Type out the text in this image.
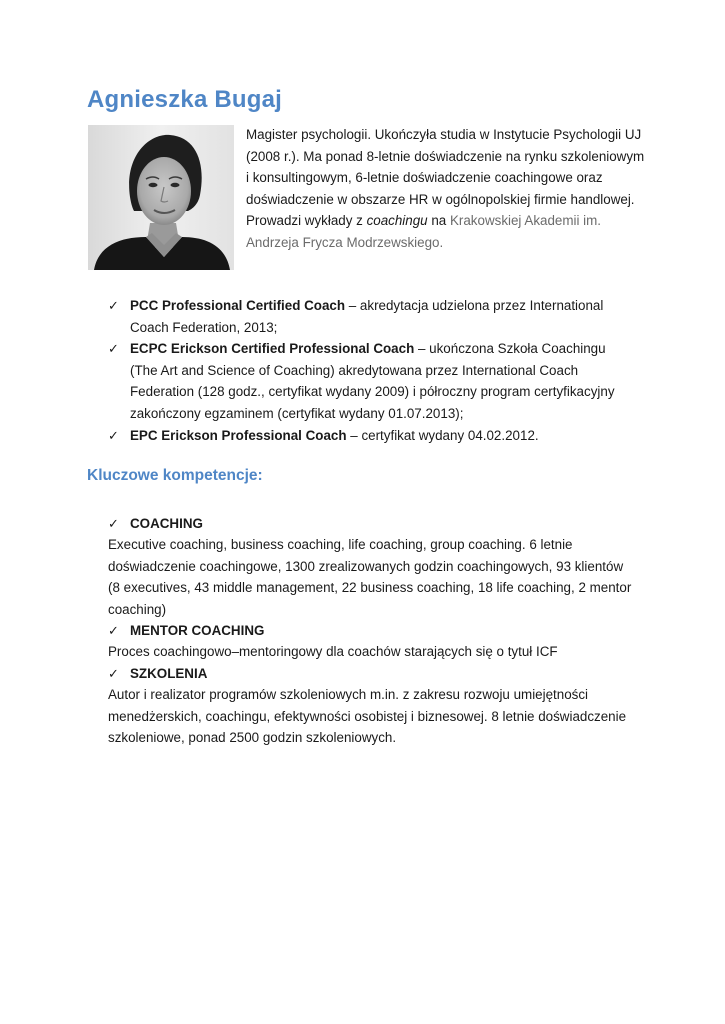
Agnieszka Bugaj

Magister psychologii. Ukończyła studia w Instytucie Psychologii UJ (2008 r.). Ma ponad 8-letnie doświadczenie na rynku szkoleniowym i konsultingowym, 6-letnie doświadczenie coachingowe oraz doświadczenie w obszarze HR w ogólnopolskiej firmie handlowej. Prowadzi wykłady z coachingu na Krakowskiej Akademii im. Andrzeja Frycza Modrzewskiego.

✓ PCC Professional Certified Coach – akredytacja udzielona przez International Coach Federation, 2013;
✓ ECPC Erickson Certified Professional Coach – ukończona Szkoła Coachingu (The Art and Science of Coaching) akredytowana przez International Coach Federation (128 godz., certyfikat wydany 2009) i półroczny program certyfikacyjny zakończony egzaminem (certyfikat wydany 01.07.2013);
✓ EPC Erickson Professional Coach – certyfikat wydany 04.02.2012.
Kluczowe kompetencje:
✓ COACHING

Executive coaching, business coaching, life coaching, group coaching. 6 letnie doświadczenie coachingowe, 1300 zrealizowanych godzin coachingowych, 93 klientów (8 executives, 43 middle management, 22 business coaching, 18 life coaching, 2 mentor coaching)

✓ MENTOR COACHING

Proces coachingowo–mentoringowy dla coachów starających się o tytuł ICF

✓ SZKOLENIA

Autor i realizator programów szkoleniowych m.in. z zakresu rozwoju umiejętności menedżerskich, coachingu, efektywności osobistej i biznesowej. 8 letnie doświadczenie szkoleniowe, ponad 2500 godzin szkoleniowych.
